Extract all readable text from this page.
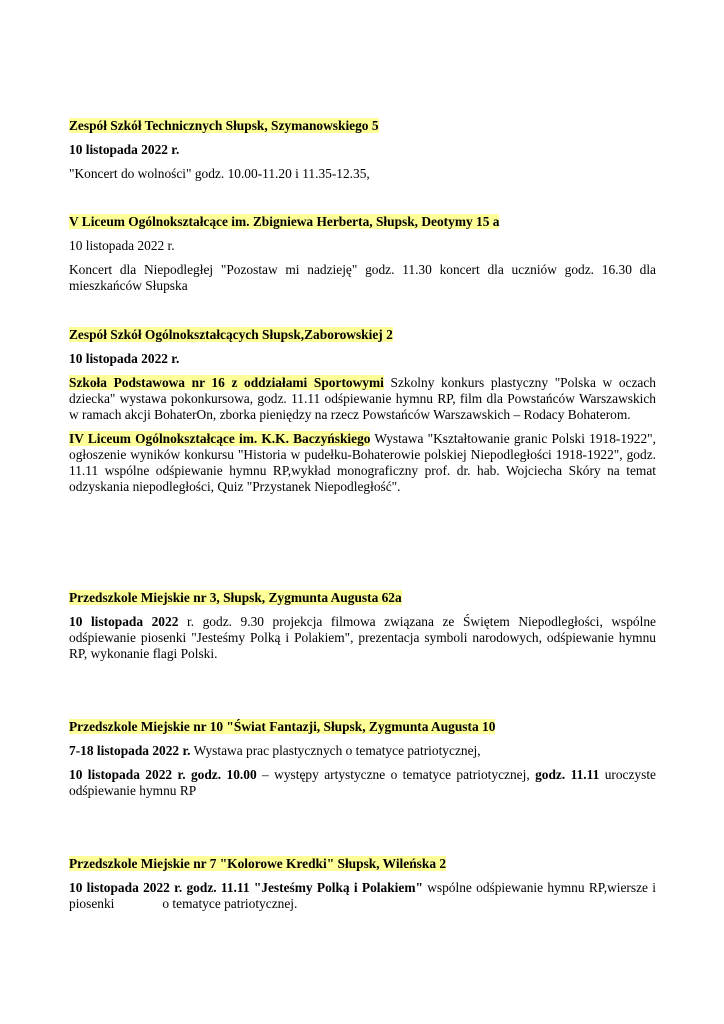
Zespół Szkół Technicznych Słupsk, Szymanowskiego 5

10 listopada 2022 r.

"Koncert do wolności" godz. 10.00-11.20 i 11.35-12.35,

V Liceum Ogólnokształcące im. Zbigniewa Herberta, Słupsk, Deotymy 15 a

10 listopada 2022 r.

Koncert dla Niepodległej "Pozostaw mi nadzieję" godz. 11.30 koncert dla uczniów godz. 16.30 dla mieszkańców Słupska

Zespół Szkół Ogólnokształcących Słupsk,Zaborowskiej 2

10 listopada 2022 r.

Szkoła Podstawowa nr 16 z oddziałami Sportowymi Szkolny konkurs plastyczny "Polska w oczach dziecka" wystawa pokonkursowa, godz. 11.11 odśpiewanie hymnu RP, film dla Powstańców Warszawskich w ramach akcji BohaterOn, zborka pieniędzy na rzecz Powstańców Warszawskich – Rodacy Bohaterom.

IV Liceum Ogólnokształcące im. K.K. Baczyńskiego Wystawa "Kształtowanie granic Polski 1918-1922", ogłoszenie wyników konkursu "Historia w pudełku-Bohaterowie polskiej Niepodległości 1918-1922", godz. 11.11 wspólne odśpiewanie hymnu RP,wykład monograficzny prof. dr. hab. Wojciecha Skóry na temat odzyskania niepodległości, Quiz "Przystanek Niepodległość".

Przedszkole Miejskie nr 3, Słupsk, Zygmunta Augusta 62a

10 listopada 2022 r. godz. 9.30 projekcja filmowa związana ze Świętem Niepodległości, wspólne odśpiewanie piosenki "Jesteśmy Polką i Polakiem", prezentacja symboli narodowych, odśpiewanie hymnu RP, wykonanie flagi Polski.

Przedszkole Miejskie nr 10 "Świat Fantazji, Słupsk, Zygmunta Augusta 10

7-18 listopada 2022 r. Wystawa prac plastycznych o tematyce patriotycznej,

10 listopada 2022 r. godz. 10.00 – występy artystyczne o tematyce patriotycznej, godz. 11.11 uroczyste odśpiewanie hymnu RP

Przedszkole Miejskie nr 7 "Kolorowe Kredki" Słupsk, Wileńska 2

10 listopada 2022 r. godz. 11.11 "Jesteśmy Polką i Polakiem" wspólne odśpiewanie hymnu RP,wiersze i piosenki	o tematyce patriotycznej.
